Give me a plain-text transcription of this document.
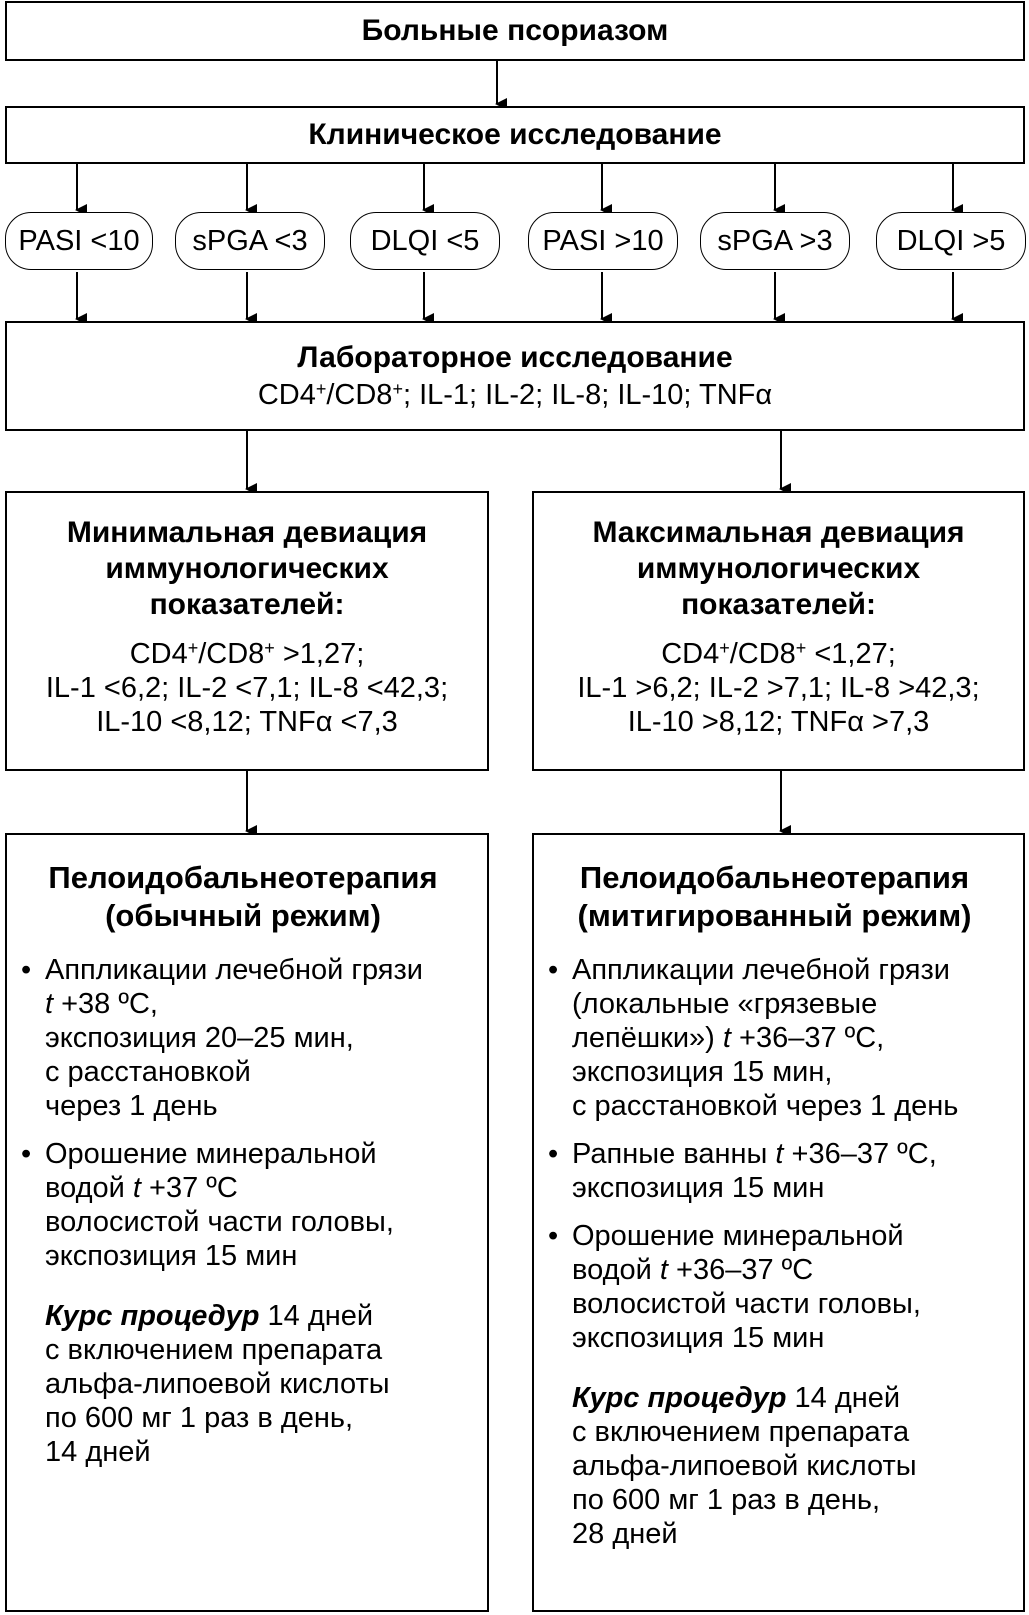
Больные псориазом
Клиническое исследование
PASI <10 sPGA <3 DLQI <5 PASI >10 sPGA >3 DLQI >5
Лабораторное исследование
CD4+/CD8+; IL-1; IL-2; IL-8; IL-10; TNFα
Минимальная девиация иммунологических показателей:
CD4+/CD8+ >1,27;
IL-1 <6,2; IL-2 <7,1; IL-8 <42,3;
IL-10 <8,12; TNFα <7,3
Максимальная девиация иммунологических показателей:
CD4+/CD8+ <1,27;
IL-1 >6,2; IL-2 >7,1; IL-8 >42,3;
IL-10 >8,12; TNFα >7,3
Пелоидобальнеотерапия
(обычный режим)
• Аппликации лечебной грязи
t +38 ºС,
экспозиция 20–25 мин,
с расстановкой
через 1 день
• Орошение минеральной
водой t +37 ºС
волосистой части головы,
экспозиция 15 мин
Курс процедур 14 дней
с включением препарата
альфа-липоевой кислоты
по 600 мг 1 раз в день,
14 дней
Пелоидобальнеотерапия
(митигированный режим)
• Аппликации лечебной грязи
(локальные «грязевые
лепёшки») t +36–37 ºС,
экспозиция 15 мин,
с расстановкой через 1 день
• Рапные ванны t +36–37 ºС,
экспозиция 15 мин
• Орошение минеральной
водой t +36–37 ºС
волосистой части головы,
экспозиция 15 мин
Курс процедур 14 дней
с включением препарата
альфа-липоевой кислоты
по 600 мг 1 раз в день,
28 дней
